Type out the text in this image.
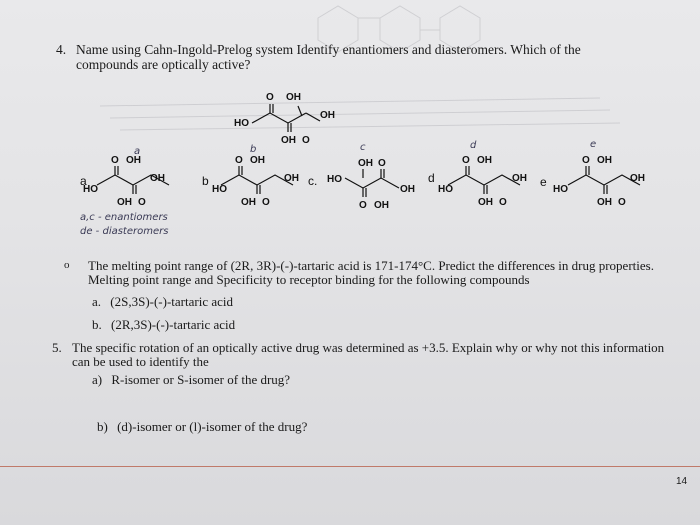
4. Name using Cahn-Ingold-Prelog system Identify enantiomers and diasteromers. Which of the compounds are optically active?
O OH
OH
HO
OH O
a	b	c	d	e
a
O OH
HO
OH
OH O
b
O OH
HO
OH
OH O
c.
OH O
HO
OH
O OH
d
O OH
HO
OH
OH O
e
O OH
HO
OH
OH O
a,c - enantiomers
de - diasteromers
o The melting point range of (2R, 3R)-(-)-tartaric acid is 171-174°C. Predict the differences in drug properties. Melting point range and Specificity to receptor binding for the following compounds
a. (2S,3S)-(-)-tartaric acid
b. (2R,3S)-(-)-tartaric acid
5. The specific rotation of an optically active drug was determined as +3.5. Explain why or why not this information can be used to identify the
a) R-isomer or S-isomer of the drug?
b) (d)-isomer or (l)-isomer of the drug?
14
